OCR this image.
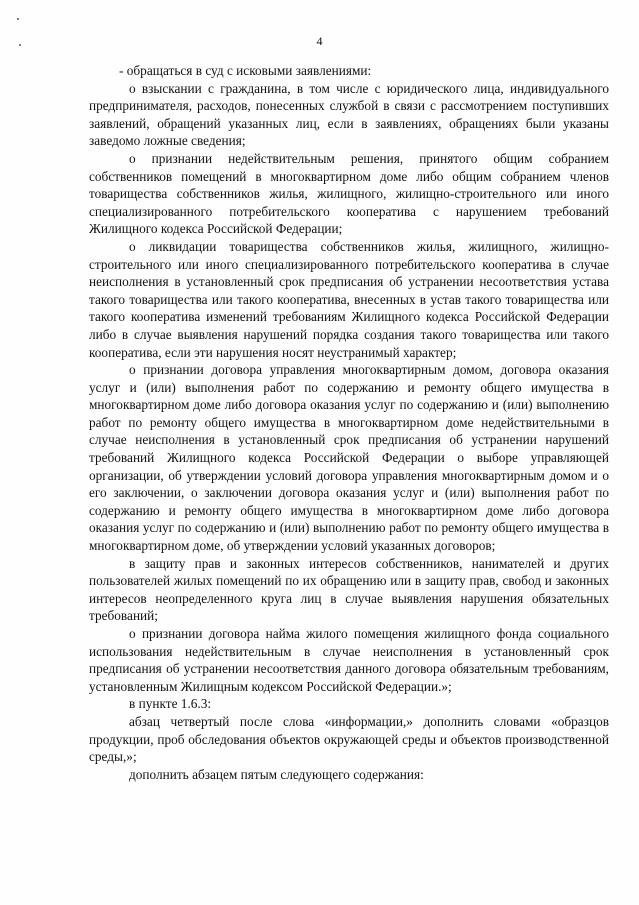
4

- обращаться в суд с исковыми заявлениями:

о взыскании с гражданина, в том числе с юридического лица, индивидуального предпринимателя, расходов, понесенных службой в связи с рассмотрением поступивших заявлений, обращений указанных лиц, если в заявлениях, обращениях были указаны заведомо ложные сведения;

о признании недействительным решения, принятого общим собранием собственников помещений в многоквартирном доме либо общим собранием членов товарищества собственников жилья, жилищного, жилищно-строительного или иного специализированного потребительского кооператива с нарушением требований Жилищного кодекса Российской Федерации;

о ликвидации товарищества собственников жилья, жилищного, жилищно-строительного или иного специализированного потребительского кооператива в случае неисполнения в установленный срок предписания об устранении несоответствия устава такого товарищества или такого кооператива, внесенных в устав такого товарищества или такого кооператива изменений требованиям Жилищного кодекса Российской Федерации либо в случае выявления нарушений порядка создания такого товарищества или такого кооператива, если эти нарушения носят неустранимый характер;

о признании договора управления многоквартирным домом, договора оказания услуг и (или) выполнения работ по содержанию и ремонту общего имущества в многоквартирном доме либо договора оказания услуг по содержанию и (или) выполнению работ по ремонту общего имущества в многоквартирном доме недействительными в случае неисполнения в установленный срок предписания об устранении нарушений требований Жилищного кодекса Российской Федерации о выборе управляющей организации, об утверждении условий договора управления многоквартирным домом и о его заключении, о заключении договора оказания услуг и (или) выполнения работ по содержанию и ремонту общего имущества в многоквартирном доме либо договора оказания услуг по содержанию и (или) выполнению работ по ремонту общего имущества в многоквартирном доме, об утверждении условий указанных договоров;

в защиту прав и законных интересов собственников, нанимателей и других пользователей жилых помещений по их обращению или в защиту прав, свобод и законных интересов неопределенного круга лиц в случае выявления нарушения обязательных требований;

о признании договора найма жилого помещения жилищного фонда социального использования недействительным в случае неисполнения в установленный срок предписания об устранении несоответствия данного договора обязательным требованиям, установленным Жилищным кодексом Российской Федерации.»;

в пункте 1.6.3:

абзац четвертый после слова «информации,» дополнить словами «образцов продукции, проб обследования объектов окружающей среды и объектов производственной среды,»;

дополнить абзацем пятым следующего содержания:
